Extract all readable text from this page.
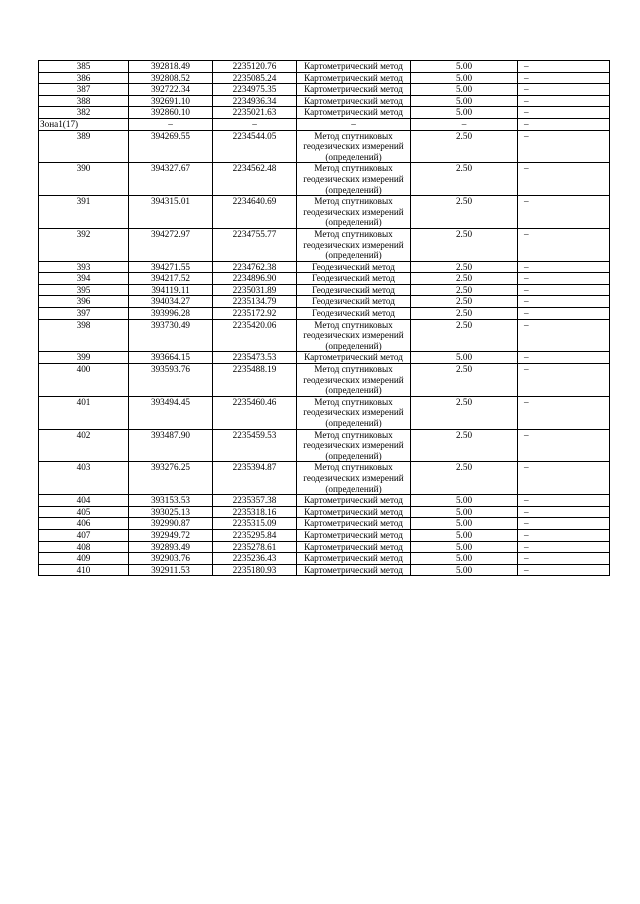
385	392818.49	2235120.76	Картометрический метод	5.00	–
386	392808.52	2235085.24	Картометрический метод	5.00	–
387	392722.34	2234975.35	Картометрический метод	5.00	–
388	392691.10	2234936.34	Картометрический метод	5.00	–
382	392860.10	2235021.63	Картометрический метод	5.00	–
Зона1(17)	–	–	–	–	–
389	394269.55	2234544.05	Метод спутниковых геодезических измерений (определений)	2.50	–
390	394327.67	2234562.48	Метод спутниковых геодезических измерений (определений)	2.50	–
391	394315.01	2234640.69	Метод спутниковых геодезических измерений (определений)	2.50	–
392	394272.97	2234755.77	Метод спутниковых геодезических измерений (определений)	2.50	–
393	394271.55	2234762.38	Геодезический метод	2.50	–
394	394217.52	2234896.90	Геодезический метод	2.50	–
395	394119.11	2235031.89	Геодезический метод	2.50	–
396	394034.27	2235134.79	Геодезический метод	2.50	–
397	393996.28	2235172.92	Геодезический метод	2.50	–
398	393730.49	2235420.06	Метод спутниковых геодезических измерений (определений)	2.50	–
399	393664.15	2235473.53	Картометрический метод	5.00	–
400	393593.76	2235488.19	Метод спутниковых геодезических измерений (определений)	2.50	–
401	393494.45	2235460.46	Метод спутниковых геодезических измерений (определений)	2.50	–
402	393487.90	2235459.53	Метод спутниковых геодезических измерений (определений)	2.50	–
403	393276.25	2235394.87	Метод спутниковых геодезических измерений (определений)	2.50	–
404	393153.53	2235357.38	Картометрический метод	5.00	–
405	393025.13	2235318.16	Картометрический метод	5.00	–
406	392990.87	2235315.09	Картометрический метод	5.00	–
407	392949.72	2235295.84	Картометрический метод	5.00	–
408	392893.49	2235278.61	Картометрический метод	5.00	–
409	392903.76	2235236.43	Картометрический метод	5.00	–
410	392911.53	2235180.93	Картометрический метод	5.00	–
